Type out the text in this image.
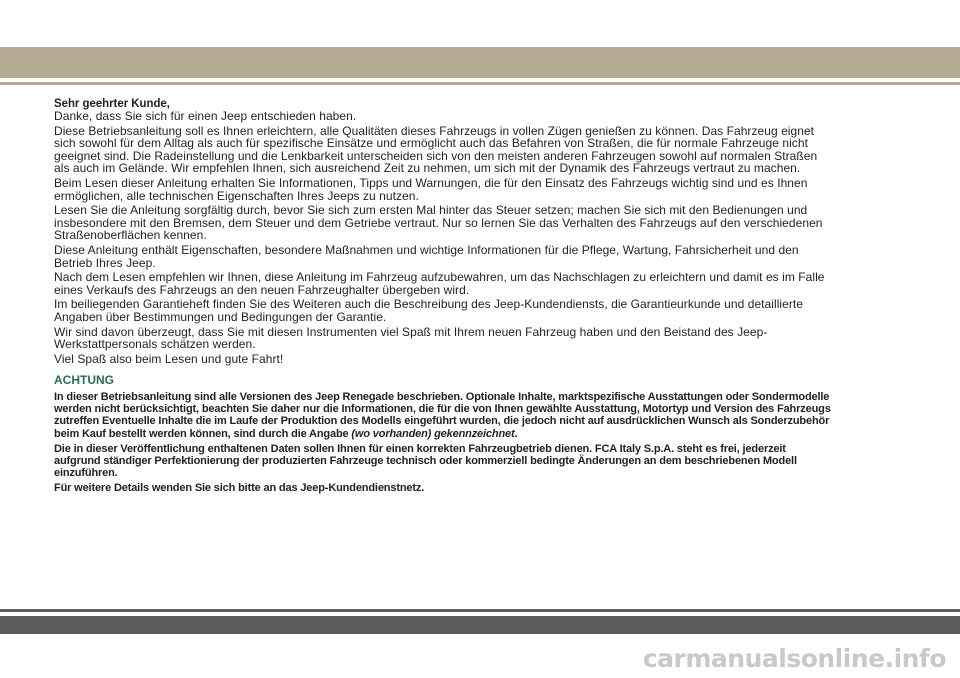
Sehr geehrter Kunde,

Danke, dass Sie sich für einen Jeep entschieden haben.

Diese Betriebsanleitung soll es Ihnen erleichtern, alle Qualitäten dieses Fahrzeugs in vollen Zügen genießen zu können. Das Fahrzeug eignet sich sowohl für dem Alltag als auch für spezifische Einsätze und ermöglicht auch das Befahren von Straßen, die für normale Fahrzeuge nicht geeignet sind. Die Radeinstellung und die Lenkbarkeit unterscheiden sich von den meisten anderen Fahrzeugen sowohl auf normalen Straßen als auch im Gelände. Wir empfehlen Ihnen, sich ausreichend Zeit zu nehmen, um sich mit der Dynamik des Fahrzeugs vertraut zu machen.

Beim Lesen dieser Anleitung erhalten Sie Informationen, Tipps und Warnungen, die für den Einsatz des Fahrzeugs wichtig sind und es Ihnen ermöglichen, alle technischen Eigenschaften Ihres Jeeps zu nutzen.

Lesen Sie die Anleitung sorgfältig durch, bevor Sie sich zum ersten Mal hinter das Steuer setzen; machen Sie sich mit den Bedienungen und insbesondere mit den Bremsen, dem Steuer und dem Getriebe vertraut. Nur so lernen Sie das Verhalten des Fahrzeugs auf den verschiedenen Straßenoberflächen kennen.

Diese Anleitung enthält Eigenschaften, besondere Maßnahmen und wichtige Informationen für die Pflege, Wartung, Fahrsicherheit und den Betrieb Ihres Jeep.

Nach dem Lesen empfehlen wir Ihnen, diese Anleitung im Fahrzeug aufzubewahren, um das Nachschlagen zu erleichtern und damit es im Falle eines Verkaufs des Fahrzeugs an den neuen Fahrzeughalter übergeben wird.

Im beiliegenden Garantieheft finden Sie des Weiteren auch die Beschreibung des Jeep-Kundendiensts, die Garantieurkunde und detaillierte Angaben über Bestimmungen und Bedingungen der Garantie.

Wir sind davon überzeugt, dass Sie mit diesen Instrumenten viel Spaß mit Ihrem neuen Fahrzeug haben und den Beistand des Jeep-Werkstattpersonals schätzen werden.

Viel Spaß also beim Lesen und gute Fahrt!

ACHTUNG

In dieser Betriebsanleitung sind alle Versionen des Jeep Renegade beschrieben. Optionale Inhalte, marktspezifische Ausstattungen oder Sondermodelle werden nicht berücksichtigt, beachten Sie daher nur die Informationen, die für die von Ihnen gewählte Ausstattung, Motortyp und Version des Fahrzeugs zutreffen Eventuelle Inhalte die im Laufe der Produktion des Modells eingeführt wurden, die jedoch nicht auf ausdrücklichen Wunsch als Sonderzubehör beim Kauf bestellt werden können, sind durch die Angabe (wo vorhanden) gekennzeichnet.

Die in dieser Veröffentlichung enthaltenen Daten sollen Ihnen für einen korrekten Fahrzeugbetrieb dienen. FCA Italy S.p.A. steht es frei, jederzeit aufgrund ständiger Perfektionierung der produzierten Fahrzeuge technisch oder kommerziell bedingte Änderungen an dem beschriebenen Modell einzuführen.

Für weitere Details wenden Sie sich bitte an das Jeep-Kundendienstnetz.

carmanualsonline.info
